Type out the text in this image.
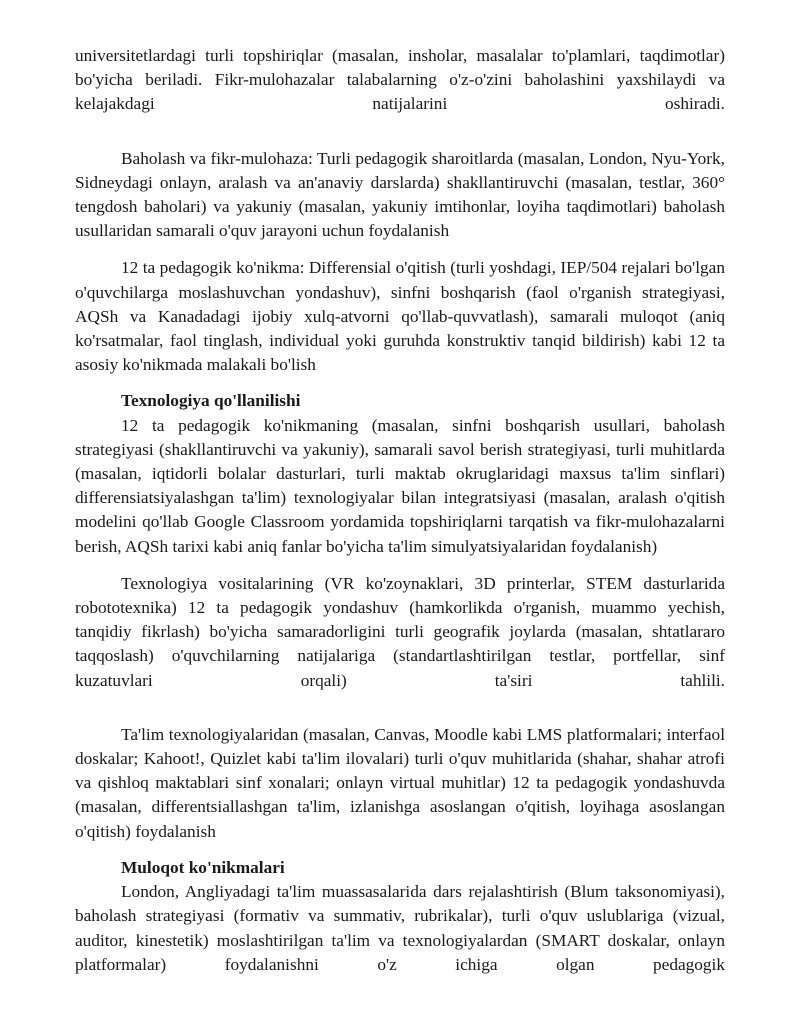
universitetlardagi turli topshiriqlar (masalan, insholar, masalalar to'plamlari, taqdimotlar) bo'yicha beriladi. Fikr-mulohazalar talabalarning o'z-o'zini baholashini yaxshilaydi va kelajakdagi natijalarini oshiradi.

Baholash va fikr-mulohaza: Turli pedagogik sharoitlarda (masalan, London, Nyu-York, Sidneydagi onlayn, aralash va an'anaviy darslarda) shakllantiruvchi (masalan, testlar, 360° tengdosh baholari) va yakuniy (masalan, yakuniy imtihonlar, loyiha taqdimotlari) baholash usullaridan samarali o'quv jarayoni uchun foydalanish

12 ta pedagogik ko'nikma: Differensial o'qitish (turli yoshdagi, IEP/504 rejalari bo'lgan o'quvchilarga moslashuvchan yondashuv), sinfni boshqarish (faol o'rganish strategiyasi, AQSh va Kanadadagi ijobiy xulq-atvorni qo'llab-quvvatlash), samarali muloqot (aniq ko'rsatmalar, faol tinglash, individual yoki guruhda konstruktiv tanqid bildirish) kabi 12 ta asosiy ko'nikmada malakali bo'lish

Texnologiya qo'llanilishi

12 ta pedagogik ko'nikmaning (masalan, sinfni boshqarish usullari, baholash strategiyasi (shakllantiruvchi va yakuniy), samarali savol berish strategiyasi, turli muhitlarda (masalan, iqtidorli bolalar dasturlari, turli maktab okruglaridagi maxsus ta'lim sinflari) differensiatsiyalashgan ta'lim) texnologiyalar bilan integratsiyasi (masalan, aralash o'qitish modelini qo'llab Google Classroom yordamida topshiriqlarni tarqatish va fikr-mulohazalarni berish, AQSh tarixi kabi aniq fanlar bo'yicha ta'lim simulyatsiyalaridan foydalanish)

Texnologiya vositalarining (VR ko'zoynaklari, 3D printerlar, STEM dasturlarida robototexnika) 12 ta pedagogik yondashuv (hamkorlikda o'rganish, muammo yechish, tanqidiy fikrlash) bo'yicha samaradorligini turli geografik joylarda (masalan, shtatlararo taqqoslash) o'quvchilarning natijalariga (standartlashtirilgan testlar, portfellar, sinf kuzatuvlari orqali) ta'siri tahlili.

Ta'lim texnologiyalaridan (masalan, Canvas, Moodle kabi LMS platformalari; interfaol doskalar; Kahoot!, Quizlet kabi ta'lim ilovalari) turli o'quv muhitlarida (shahar, shahar atrofi va qishloq maktablari sinf xonalari; onlayn virtual muhitlar) 12 ta pedagogik yondashuvda (masalan, differentsiallashgan ta'lim, izlanishga asoslangan o'qitish, loyihaga asoslangan o'qitish) foydalanish

Muloqot ko'nikmalari

London, Angliyadagi ta'lim muassasalarida dars rejalashtirish (Blum taksonomiyasi), baholash strategiyasi (formativ va summativ, rubrikalar), turli o'quv uslublariga (vizual, auditor, kinestetik) moslashtirilgan ta'lim va texnologiyalardan (SMART doskalar, onlayn platformalar) foydalanishni o'z ichiga olgan pedagogik
